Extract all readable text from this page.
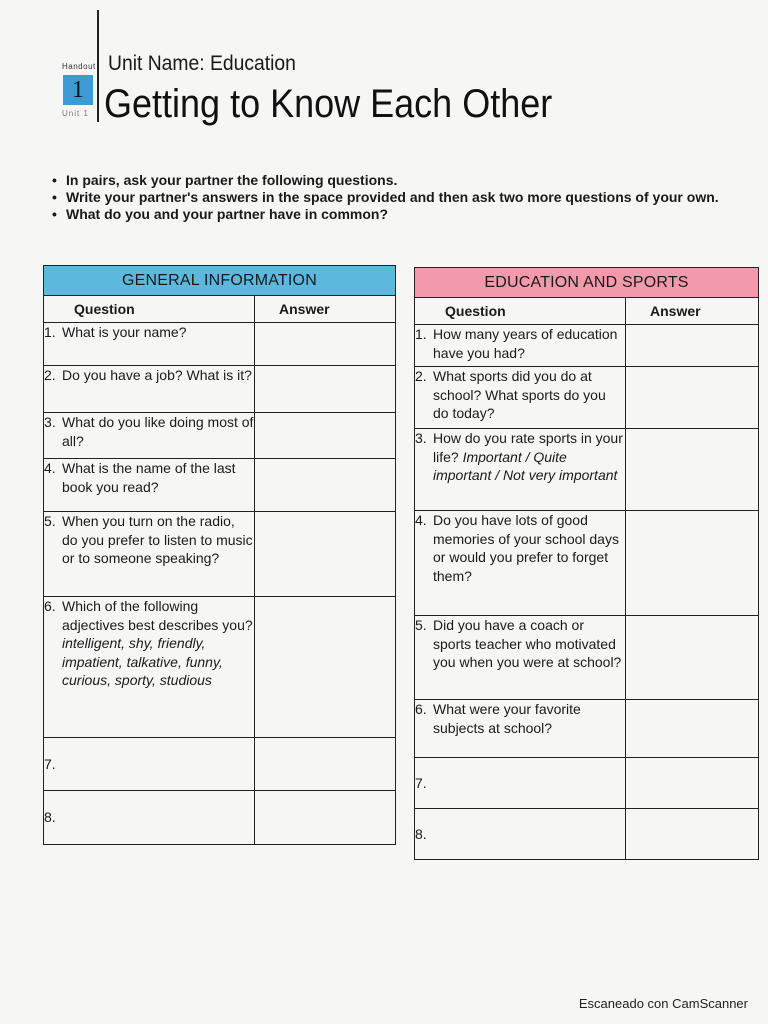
Handout
1
Unit 1
Unit Name: Education
Getting to Know Each Other
• In pairs, ask your partner the following questions.
• Write your partner's answers in the space provided and then ask two more questions of your own.
• What do you and your partner have in common?
GENERAL INFORMATION	
Question	Answer

1. What is your name?	

2. Do you have a job? What is it?	

3. What do you like doing most of all?	

4. What is the name of the last book you read?	

5. When you turn on the radio, do you prefer to listen to music or to someone speaking?	

6. Which of the following adjectives best describes you?
intelligent, shy, friendly, impatient, talkative, funny, curious, sporty, studious	

7.	

8.	

EDUCATION AND SPORTS	
Question	Answer

1. How many years of education have you had?	

2. What sports did you do at school? What sports do you do today?	

3. How do you rate sports in your life? Important / Quite important / Not very important	

4. Do you have lots of good memories of your school days or would you prefer to forget them?	

5. Did you have a coach or sports teacher who motivated you when you were at school?	

6. What were your favorite subjects at school?	

7.	

8.	

Escaneado con CamScanner
